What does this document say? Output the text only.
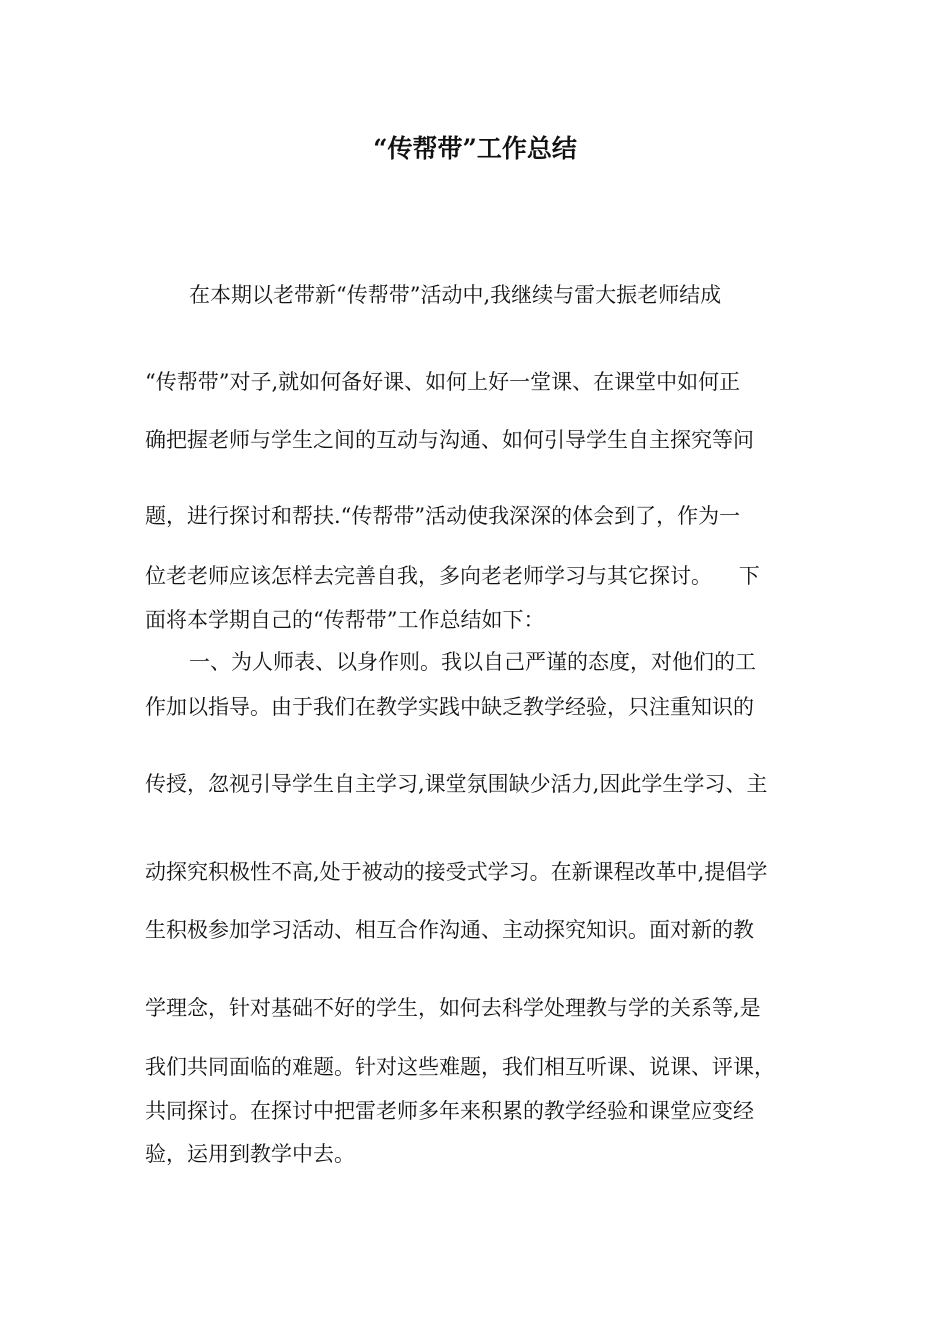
“传帮带”工作总结
在本期以老带新“传帮带”活动中,我继续与雷大振老师结成
“传帮带”对子,就如何备好课、如何上好一堂课、在课堂中如何正
确把握老师与学生之间的互动与沟通、如何引导学生自主探究等问
题，进行探讨和帮扶.“传帮带”活动使我深深的体会到了，作为一
位老老师应该怎样去完善自我，多向老老师学习与其它探讨。    下
面将本学期自己的“传帮带”工作总结如下：
一、为人师表、以身作则。我以自己严谨的态度，对他们的工
作加以指导。由于我们在教学实践中缺乏教学经验，只注重知识的
传授，忽视引导学生自主学习,课堂氛围缺少活力,因此学生学习、主
动探究积极性不高,处于被动的接受式学习。在新课程改革中,提倡学
生积极参加学习活动、相互合作沟通、主动探究知识。面对新的教
学理念，针对基础不好的学生，如何去科学处理教与学的关系等,是
我们共同面临的难题。针对这些难题，我们相互听课、说课、评课，
共同探讨。在探讨中把雷老师多年来积累的教学经验和课堂应变经
验，运用到教学中去。
